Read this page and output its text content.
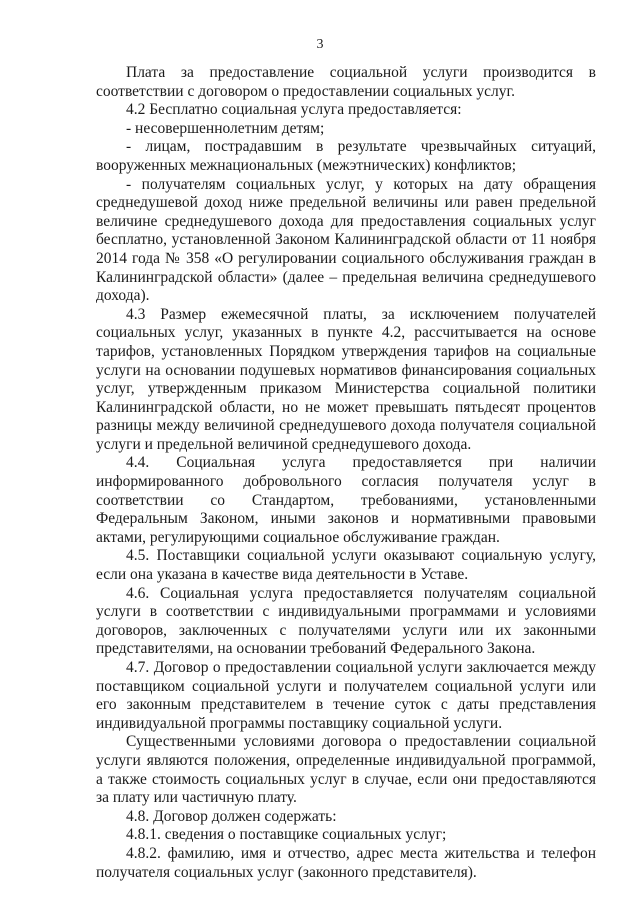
3

Плата за предоставление социальной услуги производится в соответствии с договором о предоставлении социальных услуг.

4.2 Бесплатно социальная услуга предоставляется:

- несовершеннолетним детям;

- лицам, пострадавшим в результате чрезвычайных ситуаций, вооруженных межнациональных (межэтнических) конфликтов;

- получателям социальных услуг, у которых на дату обращения среднедушевой доход ниже предельной величины или равен предельной величине среднедушевого дохода для предоставления социальных услуг бесплатно, установленной Законом Калининградской области от 11 ноября 2014 года № 358 «О регулировании социального обслуживания граждан в Калининградской области» (далее – предельная величина среднедушевого дохода).

4.3 Размер ежемесячной платы, за исключением получателей социальных услуг, указанных в пункте 4.2, рассчитывается на основе тарифов, установленных Порядком утверждения тарифов на социальные услуги на основании подушевых нормативов финансирования социальных услуг, утвержденным приказом Министерства социальной политики Калининградской области, но не может превышать пятьдесят процентов разницы между величиной среднедушевого дохода получателя социальной услуги и предельной величиной среднедушевого дохода.

4.4. Социальная услуга предоставляется при наличии информированного добровольного согласия получателя услуг в соответствии со Стандартом, требованиями, установленными Федеральным Законом, иными законов и нормативными правовыми актами, регулирующими социальное обслуживание граждан.

4.5. Поставщики социальной услуги оказывают социальную услугу, если она указана в качестве вида деятельности в Уставе.

4.6. Социальная услуга предоставляется получателям социальной услуги в соответствии с индивидуальными программами и условиями договоров, заключенных с получателями услуги или их законными представителями, на основании требований Федерального Закона.

4.7. Договор о предоставлении социальной услуги заключается между поставщиком социальной услуги и получателем социальной услуги или его законным представителем в течение суток с даты представления индивидуальной программы поставщику социальной услуги.

Существенными условиями договора о предоставлении социальной услуги являются положения, определенные индивидуальной программой, а также стоимость социальных услуг в случае, если они предоставляются за плату или частичную плату.

4.8. Договор должен содержать:

4.8.1. сведения о поставщике социальных услуг;

4.8.2. фамилию, имя и отчество, адрес места жительства и телефон получателя социальных услуг (законного представителя).
